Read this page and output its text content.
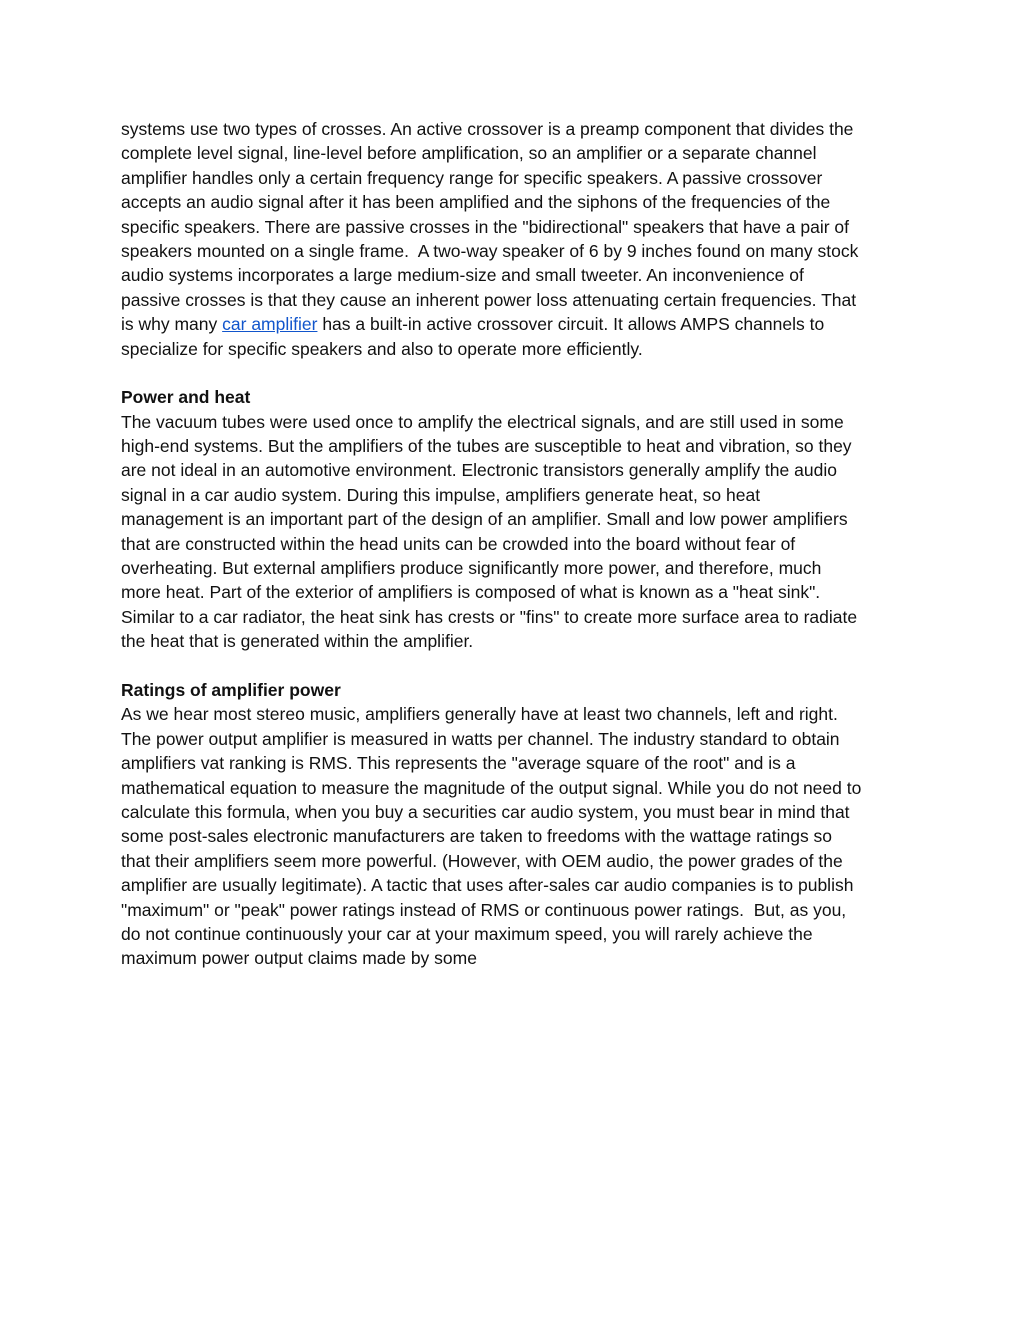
systems use two types of crosses. An active crossover is a preamp component that divides the
complete level signal, line-level before amplification, so an amplifier or a separate channel
amplifier handles only a certain frequency range for specific speakers. A passive crossover
accepts an audio signal after it has been amplified and the siphons of the frequencies of the
specific speakers. There are passive crosses in the "bidirectional" speakers that have a pair of
speakers mounted on a single frame.  A two-way speaker of 6 by 9 inches found on many stock
audio systems incorporates a large medium-size and small tweeter. An inconvenience of
passive crosses is that they cause an inherent power loss attenuating certain frequencies. That
is why many car amplifier has a built-in active crossover circuit. It allows AMPS channels to
specialize for specific speakers and also to operate more efficiently.
Power and heat
The vacuum tubes were used once to amplify the electrical signals, and are still used in some
high-end systems. But the amplifiers of the tubes are susceptible to heat and vibration, so they
are not ideal in an automotive environment. Electronic transistors generally amplify the audio
signal in a car audio system. During this impulse, amplifiers generate heat, so heat
management is an important part of the design of an amplifier. Small and low power amplifiers
that are constructed within the head units can be crowded into the board without fear of
overheating. But external amplifiers produce significantly more power, and therefore, much
more heat. Part of the exterior of amplifiers is composed of what is known as a "heat sink".
Similar to a car radiator, the heat sink has crests or "fins" to create more surface area to radiate
the heat that is generated within the amplifier.
Ratings of amplifier power
As we hear most stereo music, amplifiers generally have at least two channels, left and right.
The power output amplifier is measured in watts per channel. The industry standard to obtain
amplifiers vat ranking is RMS. This represents the "average square of the root" and is a
mathematical equation to measure the magnitude of the output signal. While you do not need to
calculate this formula, when you buy a securities car audio system, you must bear in mind that
some post-sales electronic manufacturers are taken to freedoms with the wattage ratings so
that their amplifiers seem more powerful. (However, with OEM audio, the power grades of the
amplifier are usually legitimate). A tactic that uses after-sales car audio companies is to publish
"maximum" or "peak" power ratings instead of RMS or continuous power ratings.  But, as you,
do not continue continuously your car at your maximum speed, you will rarely achieve the
maximum power output claims made by some
